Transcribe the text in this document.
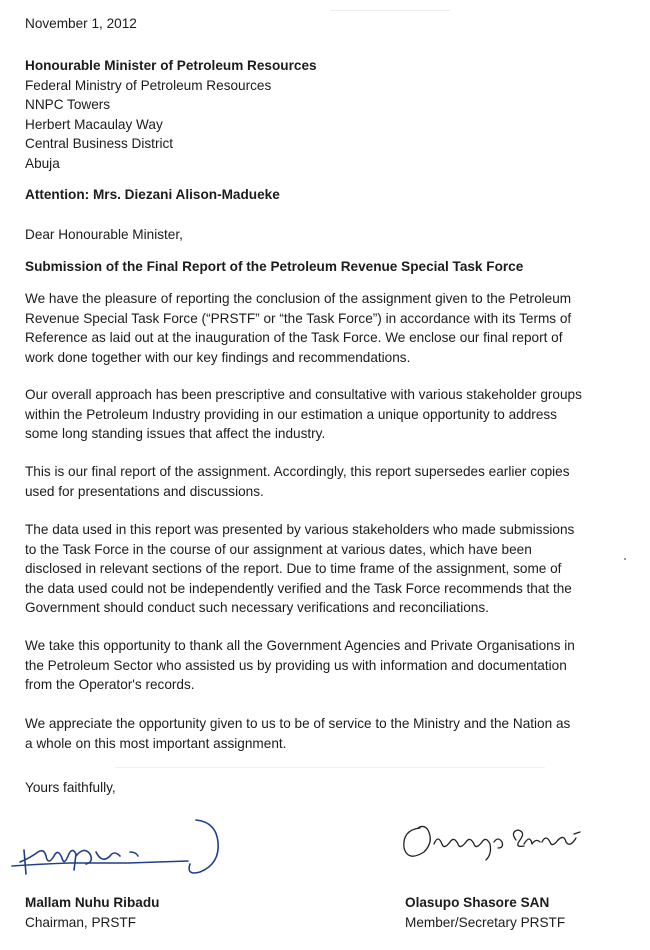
November 1, 2012
Honourable Minister of Petroleum Resources
Federal Ministry of Petroleum Resources
NNPC Towers
Herbert Macaulay Way
Central Business District
Abuja
Attention: Mrs. Diezani Alison-Madueke
Dear Honourable Minister,
Submission of the Final Report of the Petroleum Revenue Special Task Force
We have the pleasure of reporting the conclusion of the assignment given to the Petroleum
Revenue Special Task Force (“PRSTF” or “the Task Force”) in accordance with its Terms of
Reference as laid out at the inauguration of the Task Force. We enclose our final report of
work done together with our key findings and recommendations.
Our overall approach has been prescriptive and consultative with various stakeholder groups
within the Petroleum Industry providing in our estimation a unique opportunity to address
some long standing issues that affect the industry.
This is our final report of the assignment. Accordingly, this report supersedes earlier copies
used for presentations and discussions.
The data used in this report was presented by various stakeholders who made submissions
to the Task Force in the course of our assignment at various dates, which have been
disclosed in relevant sections of the report. Due to time frame of the assignment, some of
the data used could not be independently verified and the Task Force recommends that the
Government should conduct such necessary verifications and reconciliations.
We take this opportunity to thank all the Government Agencies and Private Organisations in
the Petroleum Sector who assisted us by providing us with information and documentation
from the Operator's records.
We appreciate the opportunity given to us to be of service to the Ministry and the Nation as
a whole on this most important assignment.
Yours faithfully,
Mallam Nuhu Ribadu
Chairman, PRSTF
Olasupo Shasore SAN
Member/Secretary PRSTF
